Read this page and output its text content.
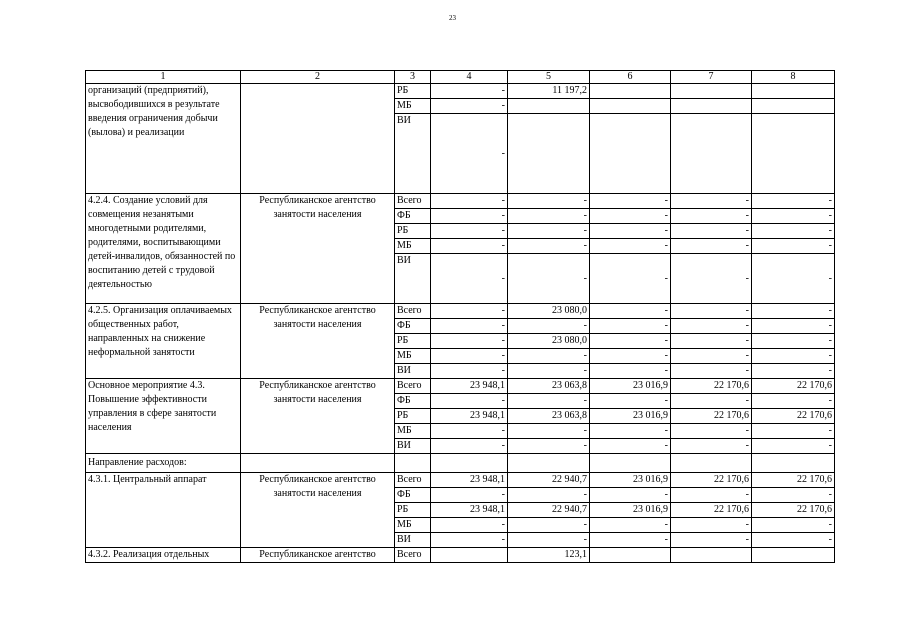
23
1	2	3	4	5	6	7	8
организаций (предприятий), высвободившихся в результате введения ограничения добычи (вылова) и реализации		РБ	-	11 197,2			
		МБ	-				
		ВИ	-				
4.2.4. Создание условий для совмещения незанятыми многодетными родителями, родителями, воспитывающими детей-инвалидов, обязанностей по воспитанию детей с трудовой деятельностью	Республиканское агентство занятости населения	Всего	-	-	-	-	-
		ФБ	-	-	-	-	-
		РБ	-	-	-	-	-
		МБ	-	-	-	-	-
		ВИ	-	-	-	-	-
4.2.5. Организация оплачиваемых общественных работ, направленных на снижение неформальной занятости	Республиканское агентство занятости населения	Всего	-	23 080,0	-	-	-
		ФБ	-	-	-	-	-
		РБ	-	23 080,0	-	-	-
		МБ	-	-	-	-	-
		ВИ	-	-	-	-	-
Основное мероприятие 4.3. Повышение эффективности управления в сфере занятости населения	Республиканское агентство занятости населения	Всего	23 948,1	23 063,8	23 016,9	22 170,6	22 170,6
		ФБ	-	-	-	-	-
		РБ	23 948,1	23 063,8	23 016,9	22 170,6	22 170,6
		МБ	-	-	-	-	-
		ВИ	-	-	-	-	-
Направление расходов:							
4.3.1. Центральный аппарат	Республиканское агентство занятости населения	Всего	23 948,1	22 940,7	23 016,9	22 170,6	22 170,6
		ФБ	-	-	-	-	-
		РБ	23 948,1	22 940,7	23 016,9	22 170,6	22 170,6
		МБ	-	-	-	-	-
		ВИ	-	-	-	-	-
4.3.2. Реализация отдельных	Республиканское агентство	Всего		123,1			
